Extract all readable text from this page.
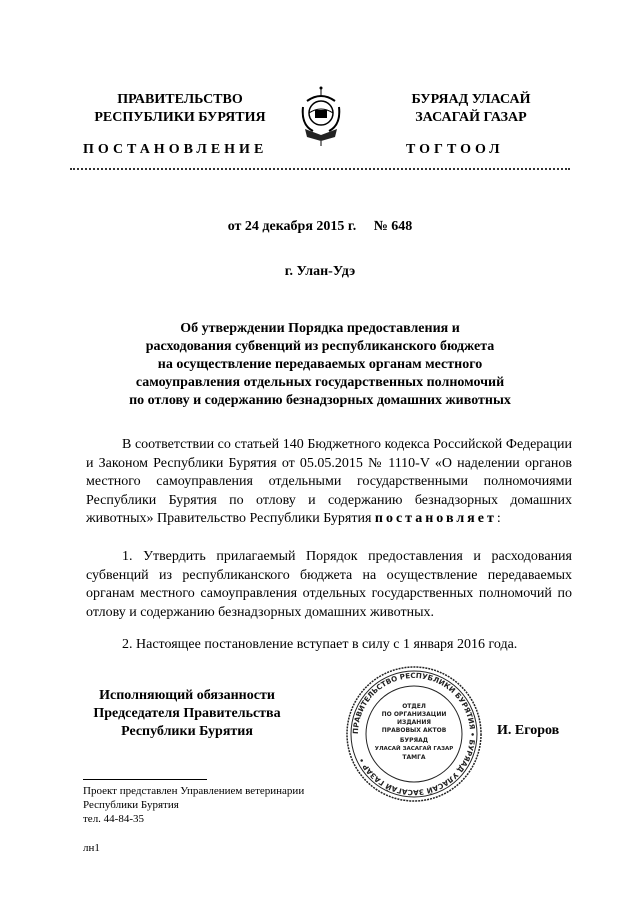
ПРАВИТЕЛЬСТВО
РЕСПУБЛИКИ БУРЯТИЯ
БУРЯАД УЛАСАЙ
ЗАСАГАЙ ГАЗАР
ПОСТАНОВЛЕНИЕ	ТОГТООЛ
от 24 декабря 2015 г. № 648
г. Улан-Удэ
Об утверждении Порядка предоставления и
расходования субвенций из республиканского бюджета
на осуществление передаваемых органам местного
самоуправления отдельных государственных полномочий
по отлову и содержанию безнадзорных домашних животных
В соответствии со статьей 140 Бюджетного кодекса Российской Федерации и Законом Республики Бурятия от 05.05.2015 № 1110-V «О наделении органов местного самоуправления отдельными государственными полномочиями Республики Бурятия по отлову и содержанию безнадзорных домашних животных» Правительство Республики Бурятия постановляет:
1. Утвердить прилагаемый Порядок предоставления и расходования субвенций из республиканского бюджета на осуществление передаваемых органам местного самоуправления отдельных государственных полномочий по отлову и содержанию безнадзорных домашних животных.
2. Настоящее постановление вступает в силу с 1 января 2016 года.
Исполняющий обязанности
Председателя Правительства
Республики Бурятия	ПРАВИТЕЛЬСТВО РЕСПУБЛИКИ БУРЯТИЯ • БУРЯАД УЛАСАЙ ЗАСАГАЙ ГАЗАР •
ОТДЕЛ
ПО ОРГАНИЗАЦИИ
ИЗДАНИЯ
ПРАВОВЫХ АКТОВ
БУРЯАД
УЛАСАЙ ЗАСАГАЙ ГАЗАР
ТАМГА
И. Егоров
Проект представлен Управлением ветеринарии
Республики Бурятия
тел. 44-84-35
лн1
